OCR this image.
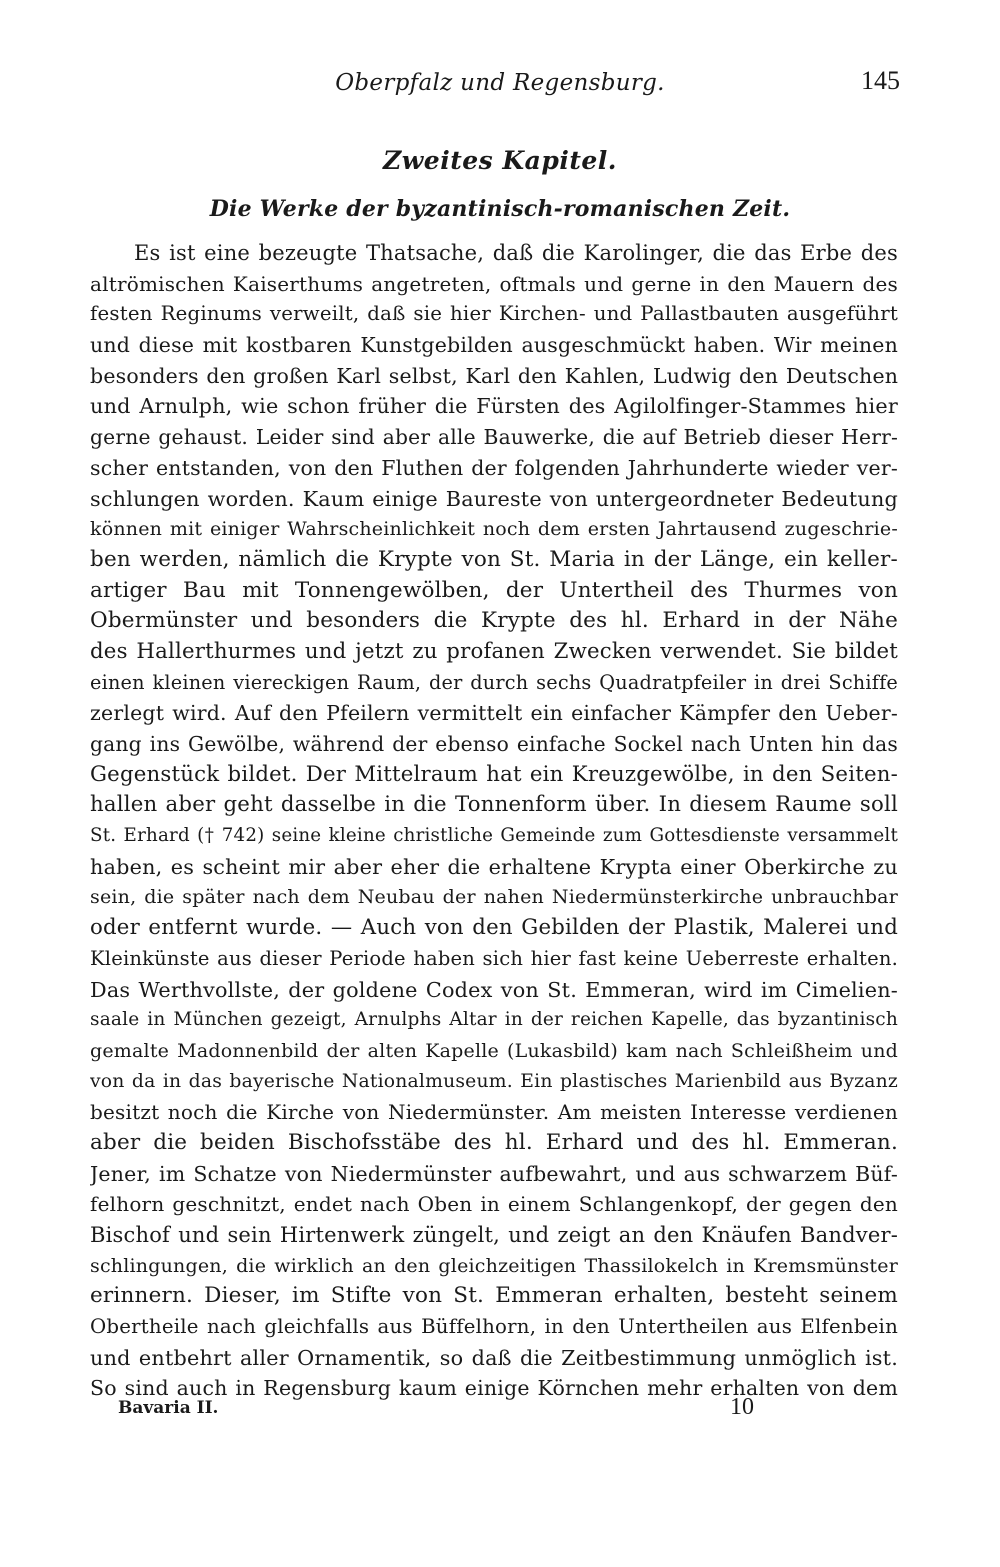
Oberpfalz und Regensburg.	145
Zweites Kapitel.
Die Werke der byzantinisch-romanischen Zeit.
Es ist eine bezeugte Thatsache, daß die Karolinger, die das Erbe des
altrömischen Kaiserthums angetreten, oftmals und gerne in den Mauern des
festen Reginums verweilt, daß sie hier Kirchen- und Pallastbauten ausgeführt
und diese mit kostbaren Kunstgebilden ausgeschmückt haben. Wir meinen
besonders den großen Karl selbst, Karl den Kahlen, Ludwig den Deutschen
und Arnulph, wie schon früher die Fürsten des Agilolfinger-Stammes hier
gerne gehaust. Leider sind aber alle Bauwerke, die auf Betrieb dieser Herr-
scher entstanden, von den Fluthen der folgenden Jahrhunderte wieder ver-
schlungen worden. Kaum einige Baureste von untergeordneter Bedeutung
können mit einiger Wahrscheinlichkeit noch dem ersten Jahrtausend zugeschrie-
ben werden, nämlich die Krypte von St. Maria in der Länge, ein keller-
artiger Bau mit Tonnengewölben, der Untertheil des Thurmes von
Obermünster und besonders die Krypte des hl. Erhard in der Nähe
des Hallerthurmes und jetzt zu profanen Zwecken verwendet. Sie bildet
einen kleinen viereckigen Raum, der durch sechs Quadratpfeiler in drei Schiffe
zerlegt wird. Auf den Pfeilern vermittelt ein einfacher Kämpfer den Ueber-
gang ins Gewölbe, während der ebenso einfache Sockel nach Unten hin das
Gegenstück bildet. Der Mittelraum hat ein Kreuzgewölbe, in den Seiten-
hallen aber geht dasselbe in die Tonnenform über. In diesem Raume soll
St. Erhard († 742) seine kleine christliche Gemeinde zum Gottesdienste versammelt
haben, es scheint mir aber eher die erhaltene Krypta einer Oberkirche zu
sein, die später nach dem Neubau der nahen Niedermünsterkirche unbrauchbar
oder entfernt wurde. — Auch von den Gebilden der Plastik, Malerei und
Kleinkünste aus dieser Periode haben sich hier fast keine Ueberreste erhalten.
Das Werthvollste, der goldene Codex von St. Emmeran, wird im Cimelien-
saale in München gezeigt, Arnulphs Altar in der reichen Kapelle, das byzantinisch
gemalte Madonnenbild der alten Kapelle (Lukasbild) kam nach Schleißheim und
von da in das bayerische Nationalmuseum. Ein plastisches Marienbild aus Byzanz
besitzt noch die Kirche von Niedermünster. Am meisten Interesse verdienen
aber die beiden Bischofsstäbe des hl. Erhard und des hl. Emmeran.
Jener, im Schatze von Niedermünster aufbewahrt, und aus schwarzem Büf-
felhorn geschnitzt, endet nach Oben in einem Schlangenkopf, der gegen den
Bischof und sein Hirtenwerk züngelt, und zeigt an den Knäufen Bandver-
schlingungen, die wirklich an den gleichzeitigen Thassilokelch in Kremsmünster
erinnern. Dieser, im Stifte von St. Emmeran erhalten, besteht seinem
Obertheile nach gleichfalls aus Büffelhorn, in den Untertheilen aus Elfenbein
und entbehrt aller Ornamentik, so daß die Zeitbestimmung unmöglich ist.
So sind auch in Regensburg kaum einige Körnchen mehr erhalten von dem
Bavaria II.	10
